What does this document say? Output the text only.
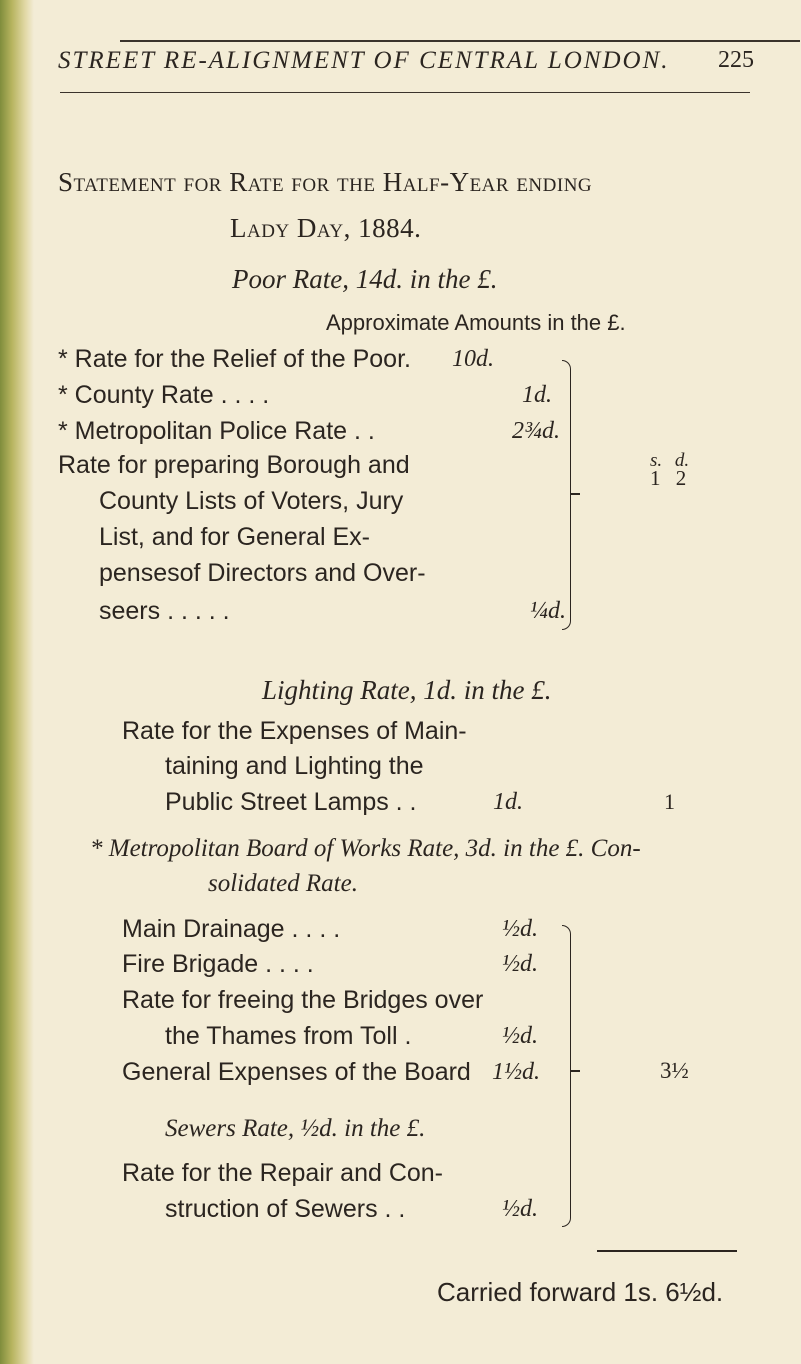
STREET RE-ALIGNMENT OF CENTRAL LONDON. 225
Statement for Rate for the Half-Year ending
Lady Day, 1884.
Poor Rate, 14d. in the £.
Approximate Amounts in the £.
* Rate for the Relief of the Poor. 10d.
* County Rate . . . .	1d.
* Metropolitan Police Rate . .	2¾d.
Rate for preparing Borough and
County Lists of Voters, Jury
List, and for General Ex-
pensesof Directors and Over-
seers . . . . .	¼d.
s. d.
1 2
Lighting Rate, 1d. in the £.
Rate for the Expenses of Main-
taining and Lighting the
Public Street Lamps . .	1d.	1
* Metropolitan Board of Works Rate, 3d. in the £. Con-
solidated Rate.
Main Drainage . . . .	½d.
Fire Brigade . . . .	½d.
Rate for freeing the Bridges over
the Thames from Toll .	½d.
General Expenses of the Board 1½d.
Sewers Rate, ½d. in the £.
Rate for the Repair and Con-
struction of Sewers . .	½d.
3½
Carried forward 1s. 6½d.
